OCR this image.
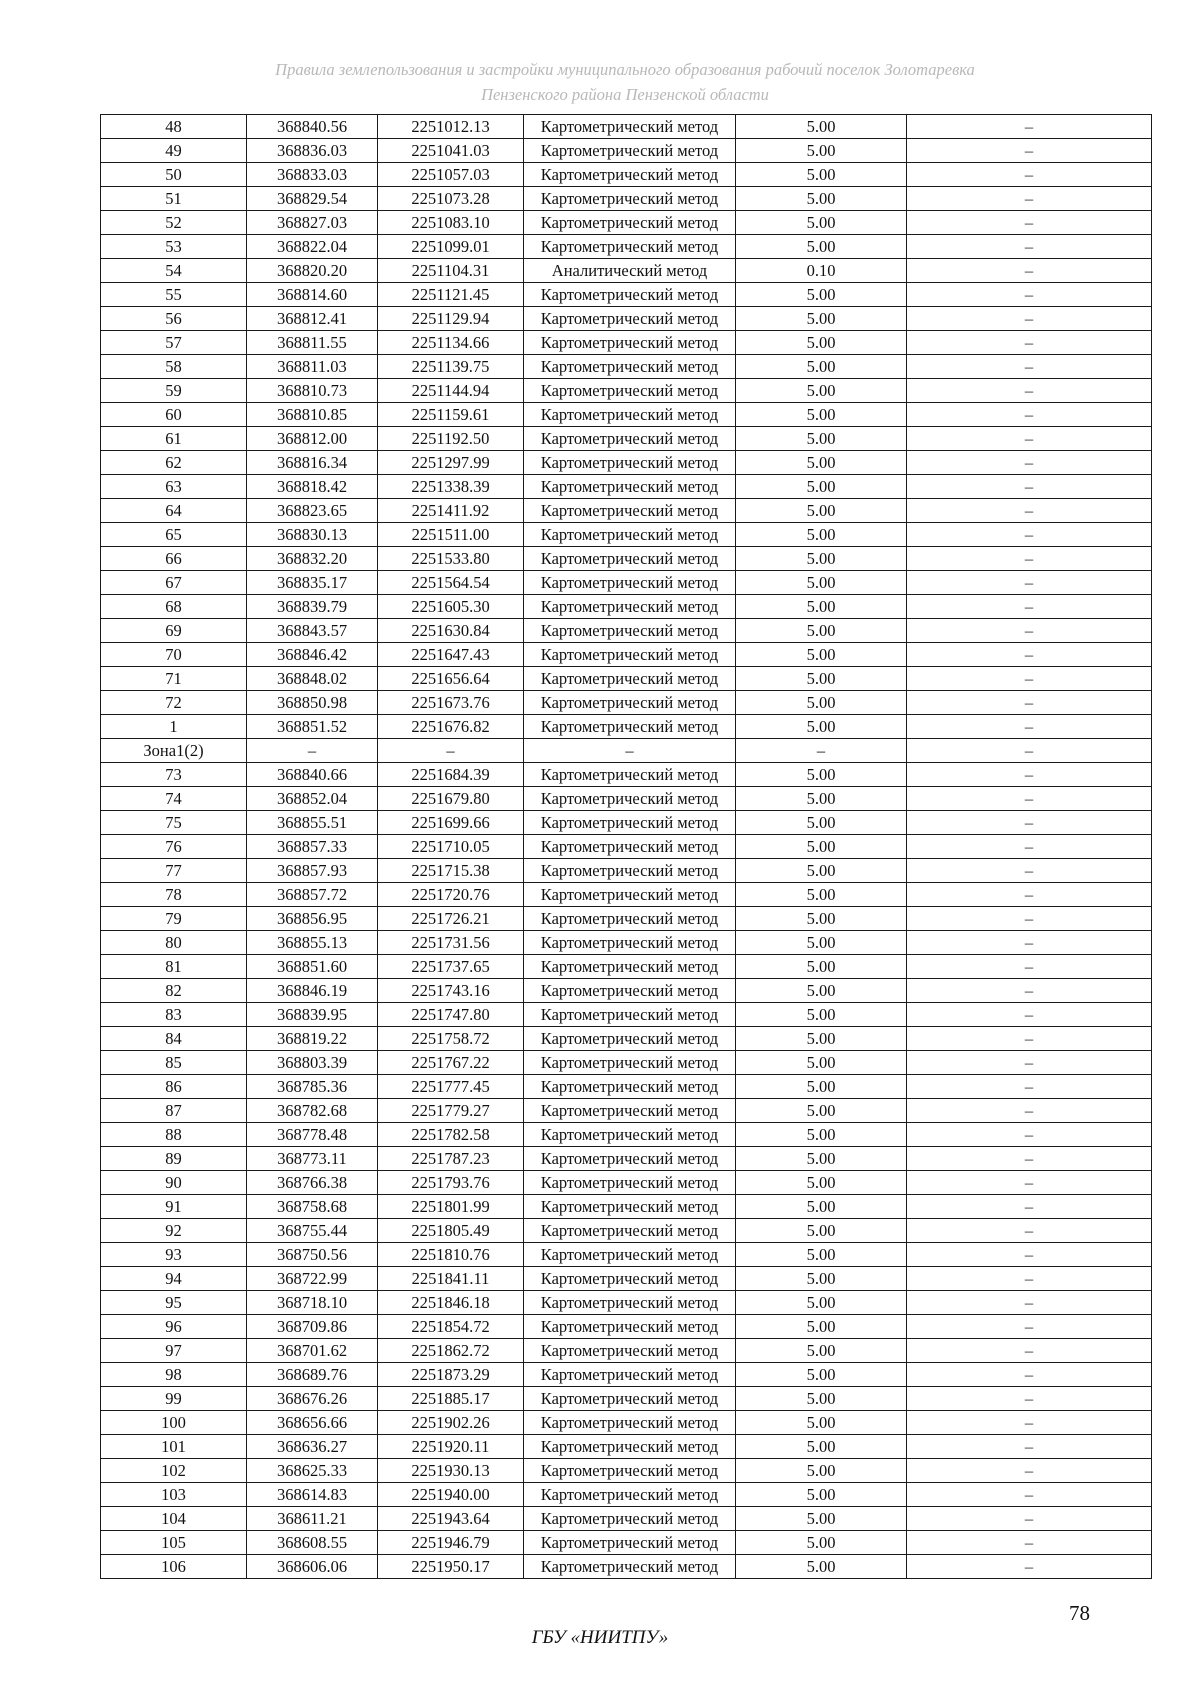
Правила землепользования и застройки муниципального образования рабочий поселок Золотаревка
Пензенского района Пензенской области
48	368840.56	2251012.13	Картометрический метод	5.00	–
49	368836.03	2251041.03	Картометрический метод	5.00	–
50	368833.03	2251057.03	Картометрический метод	5.00	–
51	368829.54	2251073.28	Картометрический метод	5.00	–
52	368827.03	2251083.10	Картометрический метод	5.00	–
53	368822.04	2251099.01	Картометрический метод	5.00	–
54	368820.20	2251104.31	Аналитический метод	0.10	–
55	368814.60	2251121.45	Картометрический метод	5.00	–
56	368812.41	2251129.94	Картометрический метод	5.00	–
57	368811.55	2251134.66	Картометрический метод	5.00	–
58	368811.03	2251139.75	Картометрический метод	5.00	–
59	368810.73	2251144.94	Картометрический метод	5.00	–
60	368810.85	2251159.61	Картометрический метод	5.00	–
61	368812.00	2251192.50	Картометрический метод	5.00	–
62	368816.34	2251297.99	Картометрический метод	5.00	–
63	368818.42	2251338.39	Картометрический метод	5.00	–
64	368823.65	2251411.92	Картометрический метод	5.00	–
65	368830.13	2251511.00	Картометрический метод	5.00	–
66	368832.20	2251533.80	Картометрический метод	5.00	–
67	368835.17	2251564.54	Картометрический метод	5.00	–
68	368839.79	2251605.30	Картометрический метод	5.00	–
69	368843.57	2251630.84	Картометрический метод	5.00	–
70	368846.42	2251647.43	Картометрический метод	5.00	–
71	368848.02	2251656.64	Картометрический метод	5.00	–
72	368850.98	2251673.76	Картометрический метод	5.00	–
1	368851.52	2251676.82	Картометрический метод	5.00	–
Зона1(2)	–	–	–	–	–
73	368840.66	2251684.39	Картометрический метод	5.00	–
74	368852.04	2251679.80	Картометрический метод	5.00	–
75	368855.51	2251699.66	Картометрический метод	5.00	–
76	368857.33	2251710.05	Картометрический метод	5.00	–
77	368857.93	2251715.38	Картометрический метод	5.00	–
78	368857.72	2251720.76	Картометрический метод	5.00	–
79	368856.95	2251726.21	Картометрический метод	5.00	–
80	368855.13	2251731.56	Картометрический метод	5.00	–
81	368851.60	2251737.65	Картометрический метод	5.00	–
82	368846.19	2251743.16	Картометрический метод	5.00	–
83	368839.95	2251747.80	Картометрический метод	5.00	–
84	368819.22	2251758.72	Картометрический метод	5.00	–
85	368803.39	2251767.22	Картометрический метод	5.00	–
86	368785.36	2251777.45	Картометрический метод	5.00	–
87	368782.68	2251779.27	Картометрический метод	5.00	–
88	368778.48	2251782.58	Картометрический метод	5.00	–
89	368773.11	2251787.23	Картометрический метод	5.00	–
90	368766.38	2251793.76	Картометрический метод	5.00	–
91	368758.68	2251801.99	Картометрический метод	5.00	–
92	368755.44	2251805.49	Картометрический метод	5.00	–
93	368750.56	2251810.76	Картометрический метод	5.00	–
94	368722.99	2251841.11	Картометрический метод	5.00	–
95	368718.10	2251846.18	Картометрический метод	5.00	–
96	368709.86	2251854.72	Картометрический метод	5.00	–
97	368701.62	2251862.72	Картометрический метод	5.00	–
98	368689.76	2251873.29	Картометрический метод	5.00	–
99	368676.26	2251885.17	Картометрический метод	5.00	–
100	368656.66	2251902.26	Картометрический метод	5.00	–
101	368636.27	2251920.11	Картометрический метод	5.00	–
102	368625.33	2251930.13	Картометрический метод	5.00	–
103	368614.83	2251940.00	Картометрический метод	5.00	–
104	368611.21	2251943.64	Картометрический метод	5.00	–
105	368608.55	2251946.79	Картометрический метод	5.00	–
106	368606.06	2251950.17	Картометрический метод	5.00	–
78
ГБУ «НИИТПУ»
